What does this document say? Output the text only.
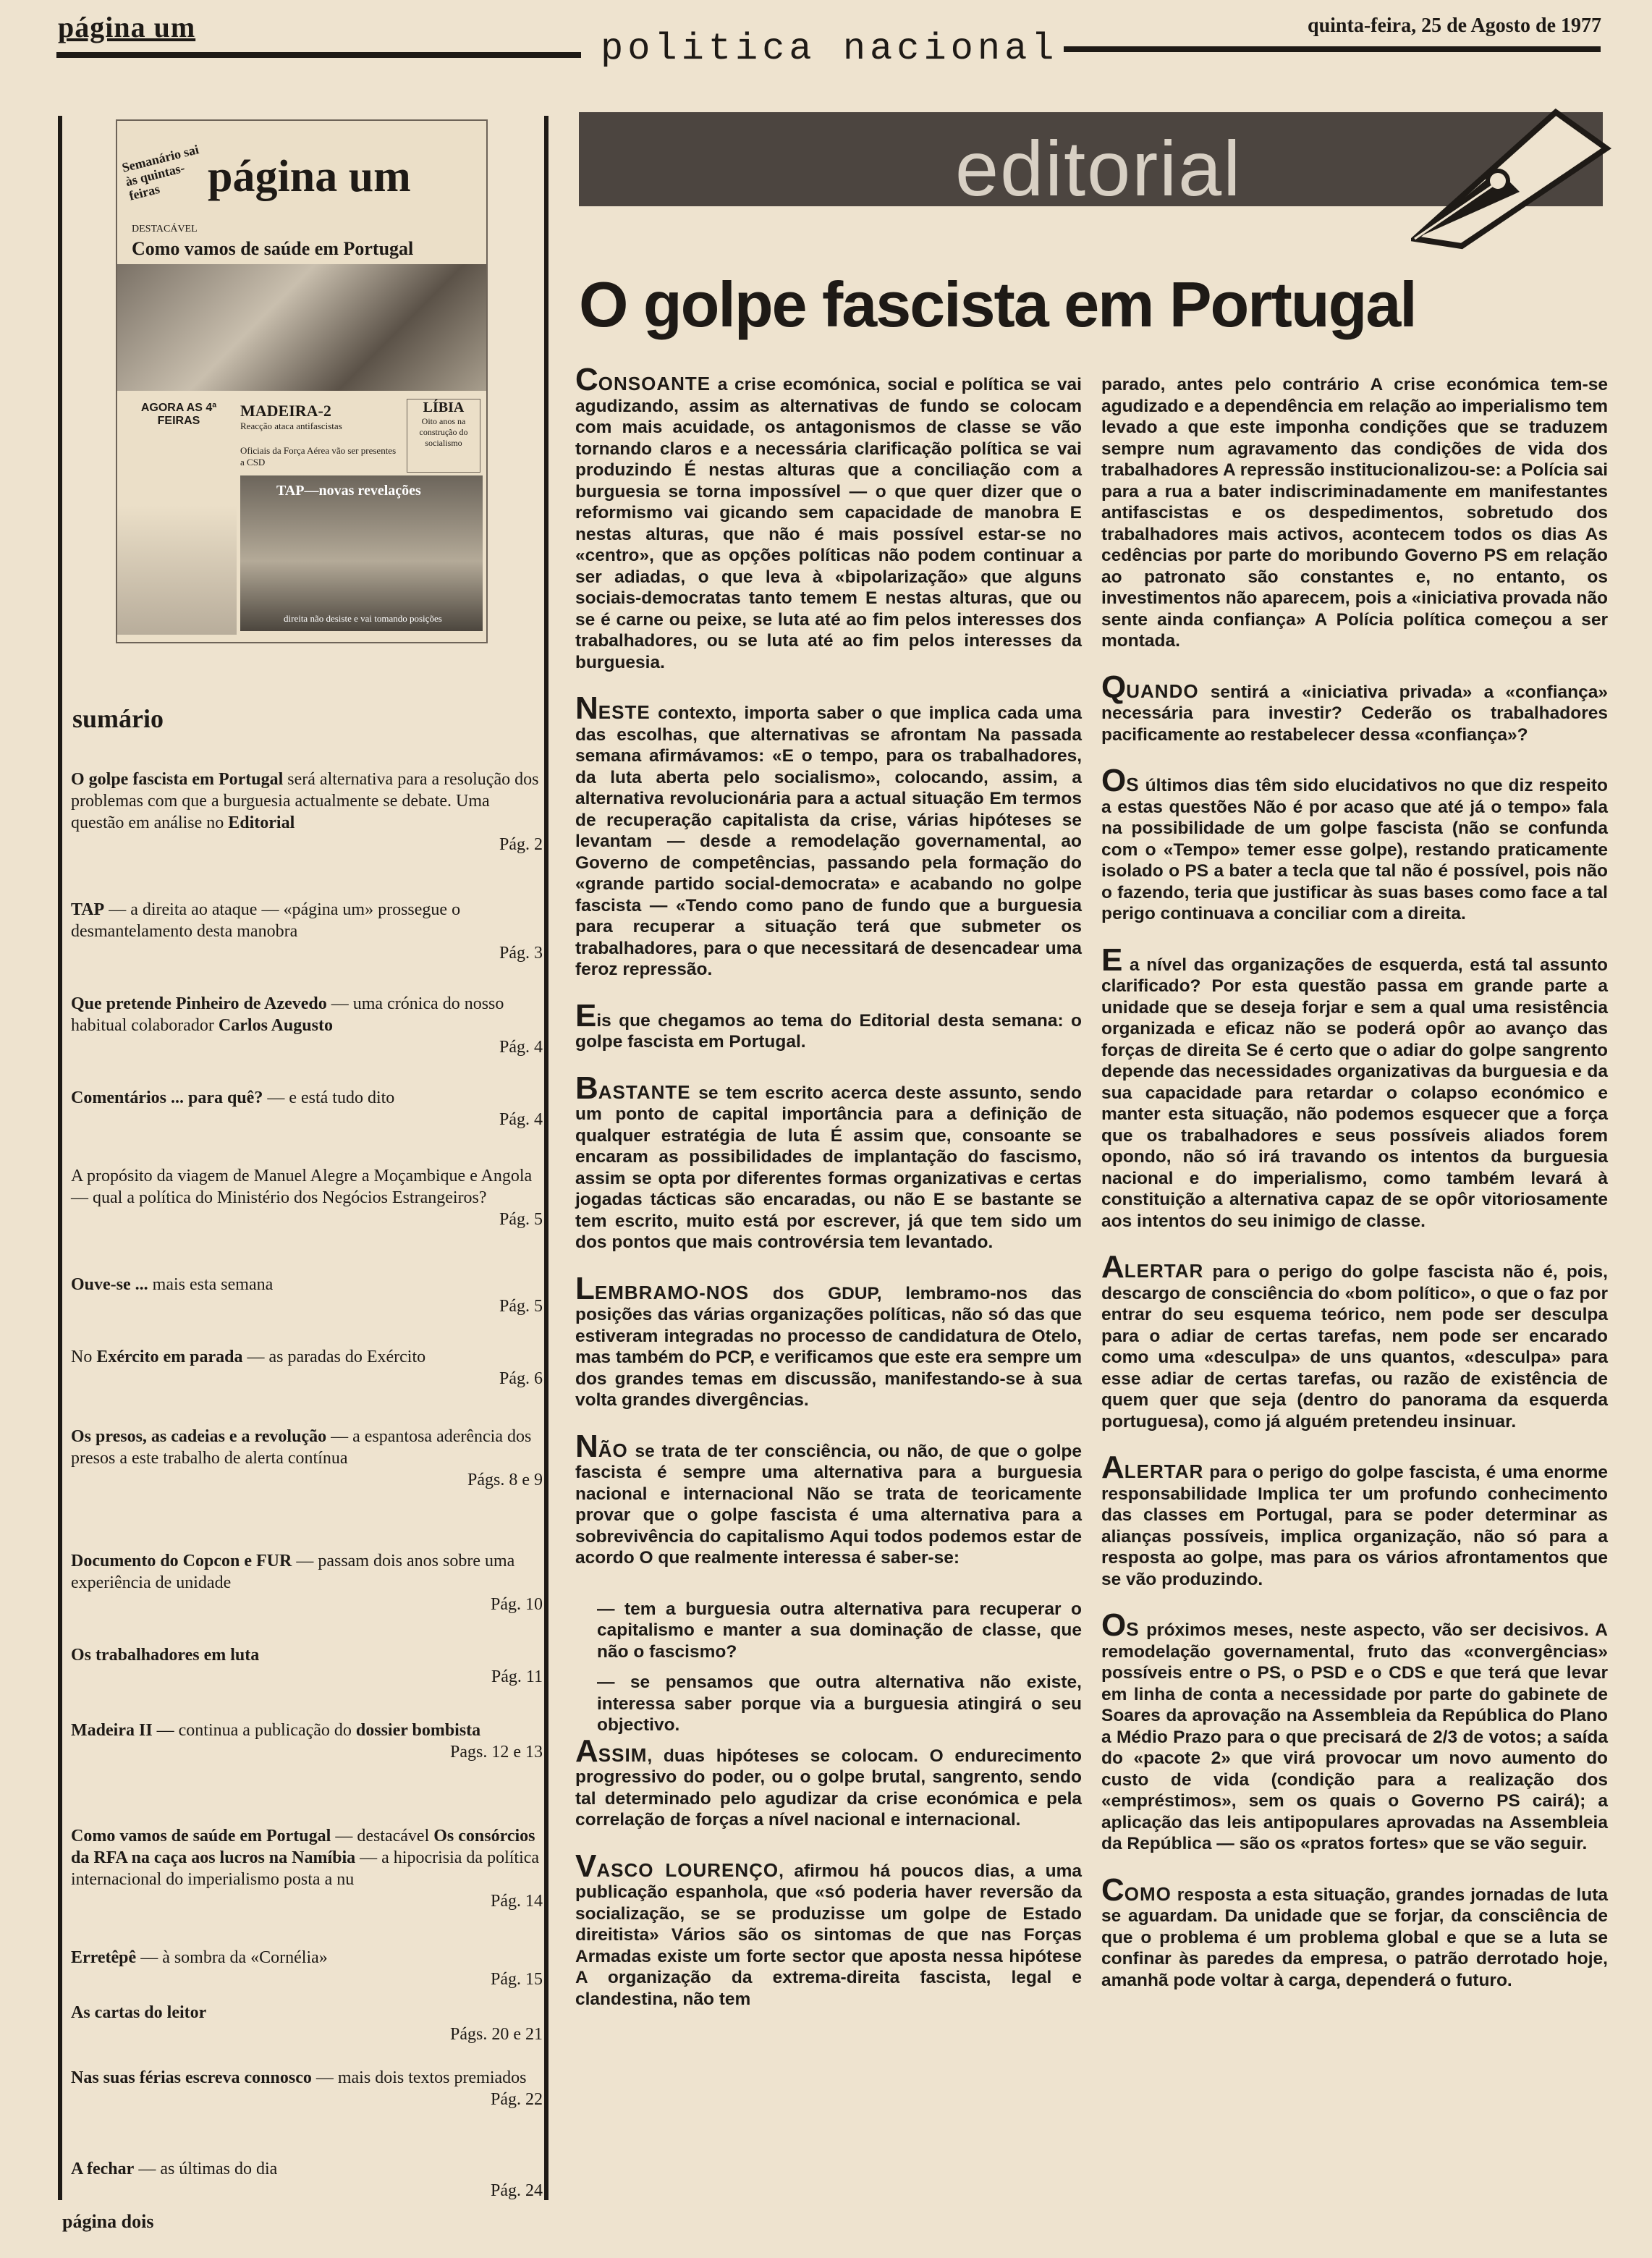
página um
politica nacional
quinta-feira, 25 de Agosto de 1977
Semanário sai às quintas-feiras	página um
DESTACÁVEL
Como vamos de saúde em Portugal
AGORA AS 4ª FEIRAS
MADEIRA-2
Reacção ataca antifascistas
Oficiais da Força Aérea vão ser presentes a CSD
LÍBIA
Oito anos na construção do socialismo
TAP—novas revelações
direita não desiste e vai tomando posições
sumário
O golpe fascista em Portugal será alternativa para a resolução dos problemas com que a burguesia actualmente se debate. Uma questão em análise no Editorial
Pág. 2
TAP — a direita ao ataque — «página um» prossegue o desmantelamento desta manobra
Pág. 3
Que pretende Pinheiro de Azevedo — uma crónica do nosso habitual colaborador Carlos Augusto
Pág. 4
Comentários ... para quê? — e está tudo dito
Pág. 4
A propósito da viagem de Manuel Alegre a Moçambique e Angola — qual a política do Ministério dos Negócios Estrangeiros?
Pág. 5
Ouve-se ... mais esta semana
Pág. 5
No Exército em parada — as paradas do Exército
Pág. 6
Os presos, as cadeias e a revolução — a espantosa aderência dos presos a este trabalho de alerta contínua
Págs. 8 e 9
Documento do Copcon e FUR — passam dois anos sobre uma experiência de unidade
Pág. 10
Os trabalhadores em luta
Pág. 11
Madeira II — continua a publicação do dossier bombista
Pags. 12 e 13
Como vamos de saúde em Portugal — destacável Os consórcios da RFA na caça aos lucros na Namíbia — a hipocrisia da política internacional do imperialismo posta a nu
Pág. 14
Erretêpê — à sombra da «Cornélia»
Pág. 15
As cartas do leitor
Págs. 20 e 21
Nas suas férias escreva connosco — mais dois textos premiados
Pág. 22
A fechar — as últimas do dia
Pág. 24
página dois
editorial
O golpe fascista em Portugal

CONSOANTE a crise ecomónica, social e política se vai agudizando, assim as alternativas de fundo se colocam com mais acuidade, os antagonismos de classe se vão tornando claros e a necessária clarificação política se vai produzindo É nestas alturas que a conciliação com a burguesia se torna impossível — o que quer dizer que o reformismo vai gicando sem capacidade de manobra E nestas alturas, que não é mais possível estar-se no «centro», que as opções políticas não podem continuar a ser adiadas, o que leva à «bipolarização» que alguns sociais-democratas tanto temem E nestas alturas, que ou se é carne ou peixe, se luta até ao fim pelos interesses dos trabalhadores, ou se luta até ao fim pelos interesses da burguesia.

NESTE contexto, importa saber o que implica cada uma das escolhas, que alternativas se afrontam Na passada semana afirmávamos: «E o tempo, para os trabalhadores, da luta aberta pelo socialismo», colocando, assim, a alternativa revolucionária para a actual situação Em termos de recuperação capitalista da crise, várias hipóteses se levantam — desde a remodelação governamental, ao Governo de competências, passando pela formação do «grande partido social-democrata» e acabando no golpe fascista — «Tendo como pano de fundo que a burguesia para recuperar a situação terá que submeter os trabalhadores, para o que necessitará de desencadear uma feroz repressão.

Eis que chegamos ao tema do Editorial desta semana: o golpe fascista em Portugal.

BASTANTE se tem escrito acerca deste assunto, sendo um ponto de capital importância para a definição de qualquer estratégia de luta É assim que, consoante se encaram as possibilidades de implantação do fascismo, assim se opta por diferentes formas organizativas e certas jogadas tácticas são encaradas, ou não E se bastante se tem escrito, muito está por escrever, já que tem sido um dos pontos que mais controvérsia tem levantado.

LEMBRAMO-NOS dos GDUP, lembramo-nos das posições das várias organizações políticas, não só das que estiveram integradas no processo de candidatura de Otelo, mas também do PCP, e verificamos que este era sempre um dos grandes temas em discussão, manifestando-se à sua volta grandes divergências.

NÃO se trata de ter consciência, ou não, de que o golpe fascista é sempre uma alternativa para a burguesia nacional e internacional Não se trata de teoricamente provar que o golpe fascista é uma alternativa para a sobrevivência do capitalismo Aqui todos podemos estar de acordo O que realmente interessa é saber-se:

— tem a burguesia outra alternativa para recuperar o capitalismo e manter a sua dominação de classe, que não o fascismo?

— se pensamos que outra alternativa não existe, interessa saber porque via a burguesia atingirá o seu objectivo.

ASSIM, duas hipóteses se colocam. O endurecimento progressivo do poder, ou o golpe brutal, sangrento, sendo tal determinado pelo agudizar da crise económica e pela correlação de forças a nível nacional e internacional.

VASCO LOURENÇO, afirmou há poucos dias, a uma publicação espanhola, que «só poderia haver reversão da socialização, se se produzisse um golpe de Estado direitista» Vários são os sintomas de que nas Forças Armadas existe um forte sector que aposta nessa hipótese A organização da extrema-direita fascista, legal e clandestina, não tem

parado, antes pelo contrário A crise económica tem-se agudizado e a dependência em relação ao imperialismo tem levado a que este imponha condições que se traduzem sempre num agravamento das condições de vida dos trabalhadores A repressão institucionalizou-se: a Polícia sai para a rua a bater indiscriminadamente em manifestantes antifascistas e os despedimentos, sobretudo dos trabalhadores mais activos, acontecem todos os dias As cedências por parte do moribundo Governo PS em relação ao patronato são constantes e, no entanto, os investimentos não aparecem, pois a «iniciativa provada não sente ainda confiança» A Polícia política começou a ser montada.

QUANDO sentirá a «iniciativa privada» a «confiança» necessária para investir? Cederão os trabalhadores pacificamente ao restabelecer dessa «confiança»?

OS últimos dias têm sido elucidativos no que diz respeito a estas questões Não é por acaso que até já o tempo» fala na possibilidade de um golpe fascista (não se confunda com o «Tempo» temer esse golpe), restando praticamente isolado o PS a bater a tecla que tal não é possível, pois não o fazendo, teria que justificar às suas bases como face a tal perigo continuava a conciliar com a direita.

E a nível das organizações de esquerda, está tal assunto clarificado? Por esta questão passa em grande parte a unidade que se deseja forjar e sem a qual uma resistência organizada e eficaz não se poderá opôr ao avanço das forças de direita Se é certo que o adiar do golpe sangrento depende das necessidades organizativas da burguesia e da sua capacidade para retardar o colapso económico e manter esta situação, não podemos esquecer que a força que os trabalhadores e seus possíveis aliados forem opondo, não só irá travando os intentos da burguesia nacional e do imperialismo, como também levará à constituição a alternativa capaz de se opôr vitoriosamente aos intentos do seu inimigo de classe.

ALERTAR para o perigo do golpe fascista não é, pois, descargo de consciência do «bom político», o que o faz por entrar do seu esquema teórico, nem pode ser desculpa para o adiar de certas tarefas, nem pode ser encarado como uma «desculpa» de uns quantos, «desculpa» para esse adiar de certas tarefas, ou razão de existência de quem quer que seja (dentro do panorama da esquerda portuguesa), como já alguém pretendeu insinuar.

ALERTAR para o perigo do golpe fascista, é uma enorme responsabilidade Implica ter um profundo conhecimento das classes em Portugal, para se poder determinar as alianças possíveis, implica organização, não só para a resposta ao golpe, mas para os vários afrontamentos que se vão produzindo.

OS próximos meses, neste aspecto, vão ser decisivos. A remodelação governamental, fruto das «convergências» possíveis entre o PS, o PSD e o CDS e que terá que levar em linha de conta a necessidade por parte do gabinete de Soares da aprovação na Assembleia da República do Plano a Médio Prazo para o que precisará de 2/3 de votos; a saída do «pacote 2» que virá provocar um novo aumento do custo de vida (condição para a realização dos «empréstimos», sem os quais o Governo PS cairá); a aplicação das leis antipopulares aprovadas na Assembleia da República — são os «pratos fortes» que se vão seguir.

COMO resposta a esta situação, grandes jornadas de luta se aguardam. Da unidade que se forjar, da consciência de que o problema é um problema global e que se a luta se confinar às paredes da empresa, o patrão derrotado hoje, amanhã pode voltar à carga, dependerá o futuro.
